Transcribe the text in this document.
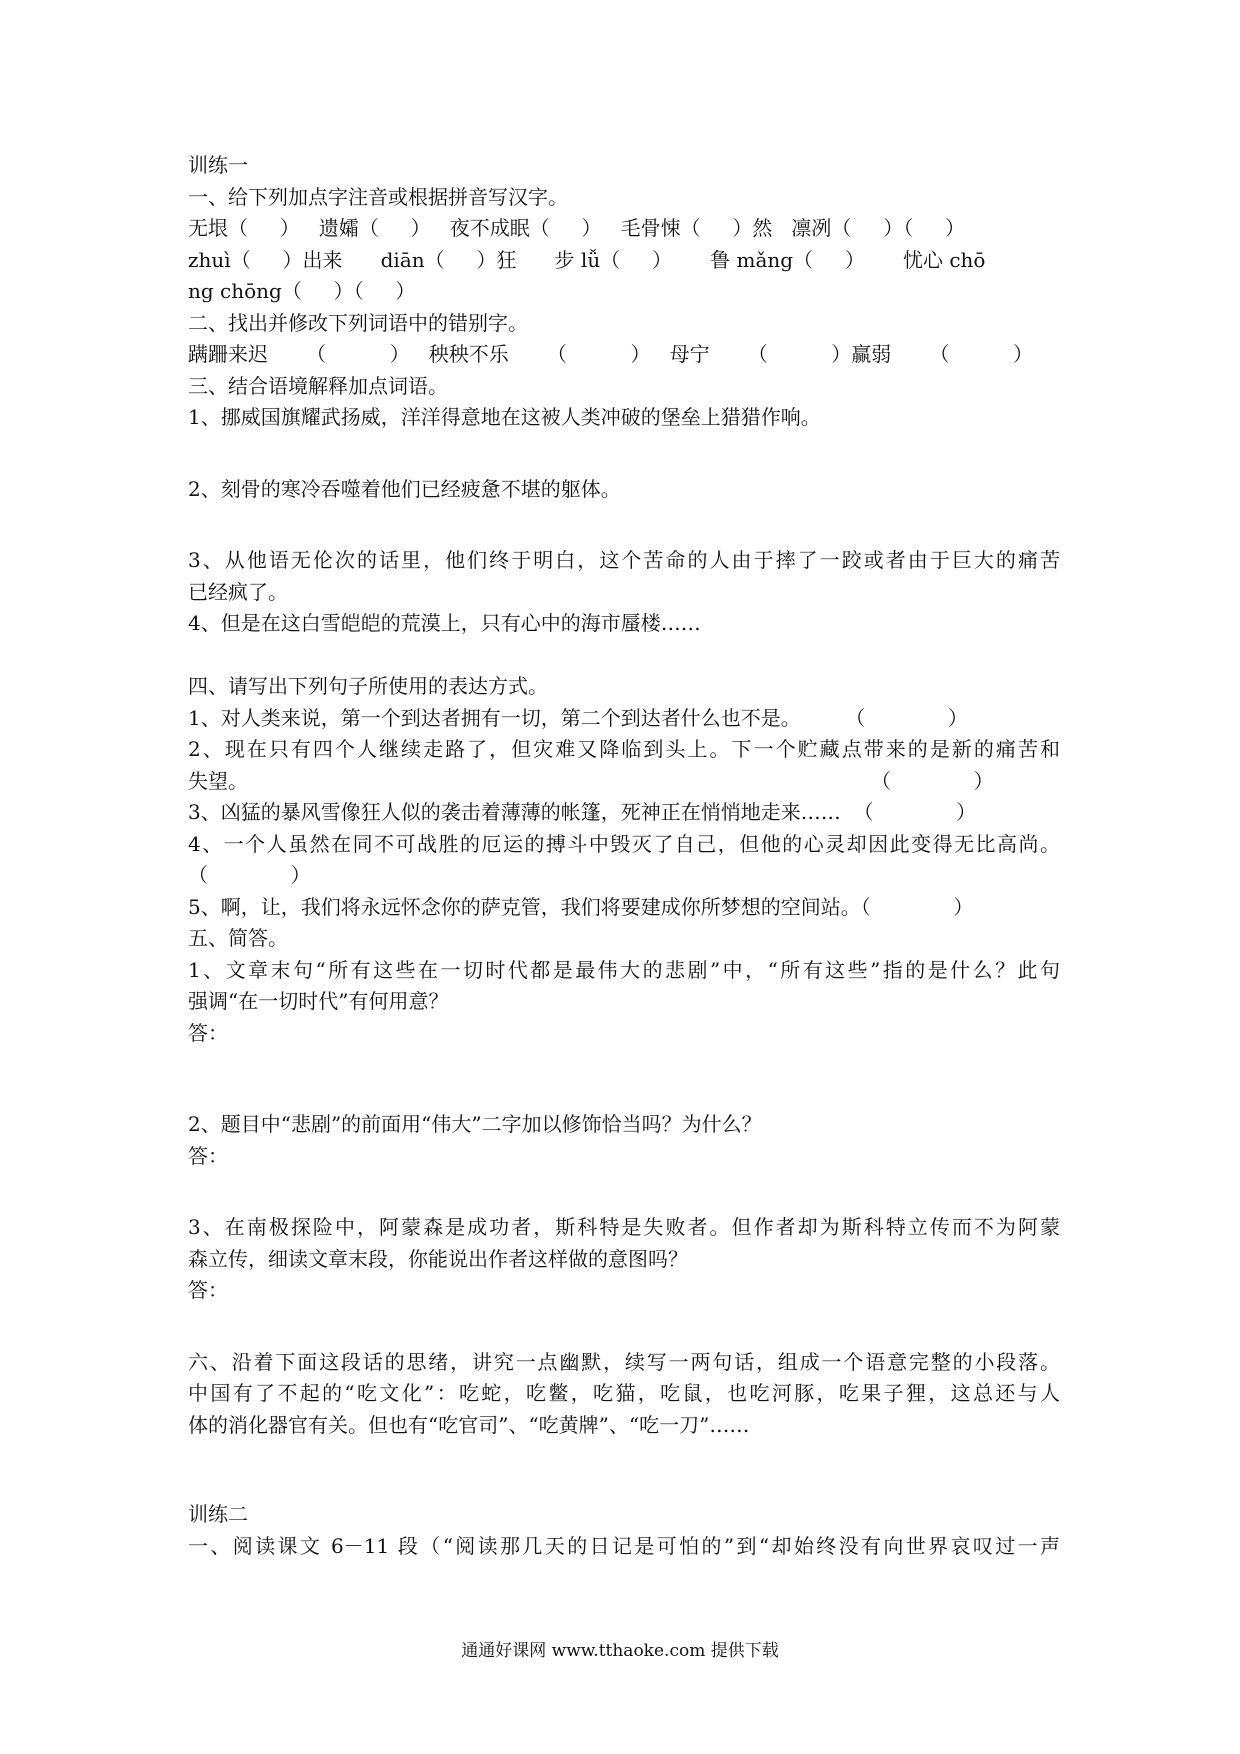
训练一
一、给下列加点字注音或根据拼音写汉字。
无垠（     ）   遗孀（     ）   夜不成眠（     ）   毛骨悚（     ）然   凛冽（     ）（     ）
zhuì（     ）出来      diān（     ）狂      步 lǚ（     ）      鲁 mǎng（     ）      忧心 chō
ng chōng（     ）（     ）
二、找出并修改下列词语中的错别字。
蹒跚来迟      （          ）   秧秧不乐      （          ）   母宁      （          ）赢弱      （          ）
三、结合语境解释加点词语。
1、挪威国旗耀武扬威，洋洋得意地在这被人类冲破的堡垒上猎猎作响。
2、刻骨的寒冷吞噬着他们已经疲惫不堪的躯体。
3、从他语无伦次的话里，他们终于明白，这个苦命的人由于摔了一跤或者由于巨大的痛苦
已经疯了。
4、但是在这白雪皑皑的荒漠上，只有心中的海市蜃楼……
四、请写出下列句子所使用的表达方式。
1、对人类来说，第一个到达者拥有一切，第二个到达者什么也不是。       （             ）
2、现在只有四个人继续走路了，但灾难又降临到头上。下一个贮藏点带来的是新的痛苦和
失望。                                                                                                  （             ）
3、凶猛的暴风雪像狂人似的袭击着薄薄的帐篷，死神正在悄悄地走来……  （             ）
4、一个人虽然在同不可战胜的厄运的搏斗中毁灭了自己，但他的心灵却因此变得无比高尚。
（             ）
5、啊，让，我们将永远怀念你的萨克管，我们将要建成你所梦想的空间站。（             ）
五、简答。
1、文章末句“所有这些在一切时代都是最伟大的悲剧”中，“所有这些”指的是什么？此句
强调“在一切时代”有何用意？
答：
2、题目中“悲剧”的前面用“伟大”二字加以修饰恰当吗？为什么？
答：
3、在南极探险中，阿蒙森是成功者，斯科特是失败者。但作者却为斯科特立传而不为阿蒙
森立传，细读文章末段，你能说出作者这样做的意图吗？
答：
六、沿着下面这段话的思绪，讲究一点幽默，续写一两句话，组成一个语意完整的小段落。
中国有了不起的“吃文化”：吃蛇，吃鳖，吃猫，吃鼠，也吃河豚，吃果子狸，这总还与人
体的消化器官有关。但也有“吃官司”、“吃黄牌”、“吃一刀”……
训练二
一、阅读课文 6－11 段（“阅读那几天的日记是可怕的”到“却始终没有向世界哀叹过一声
通通好课网 www.tthaoke.com 提供下载
